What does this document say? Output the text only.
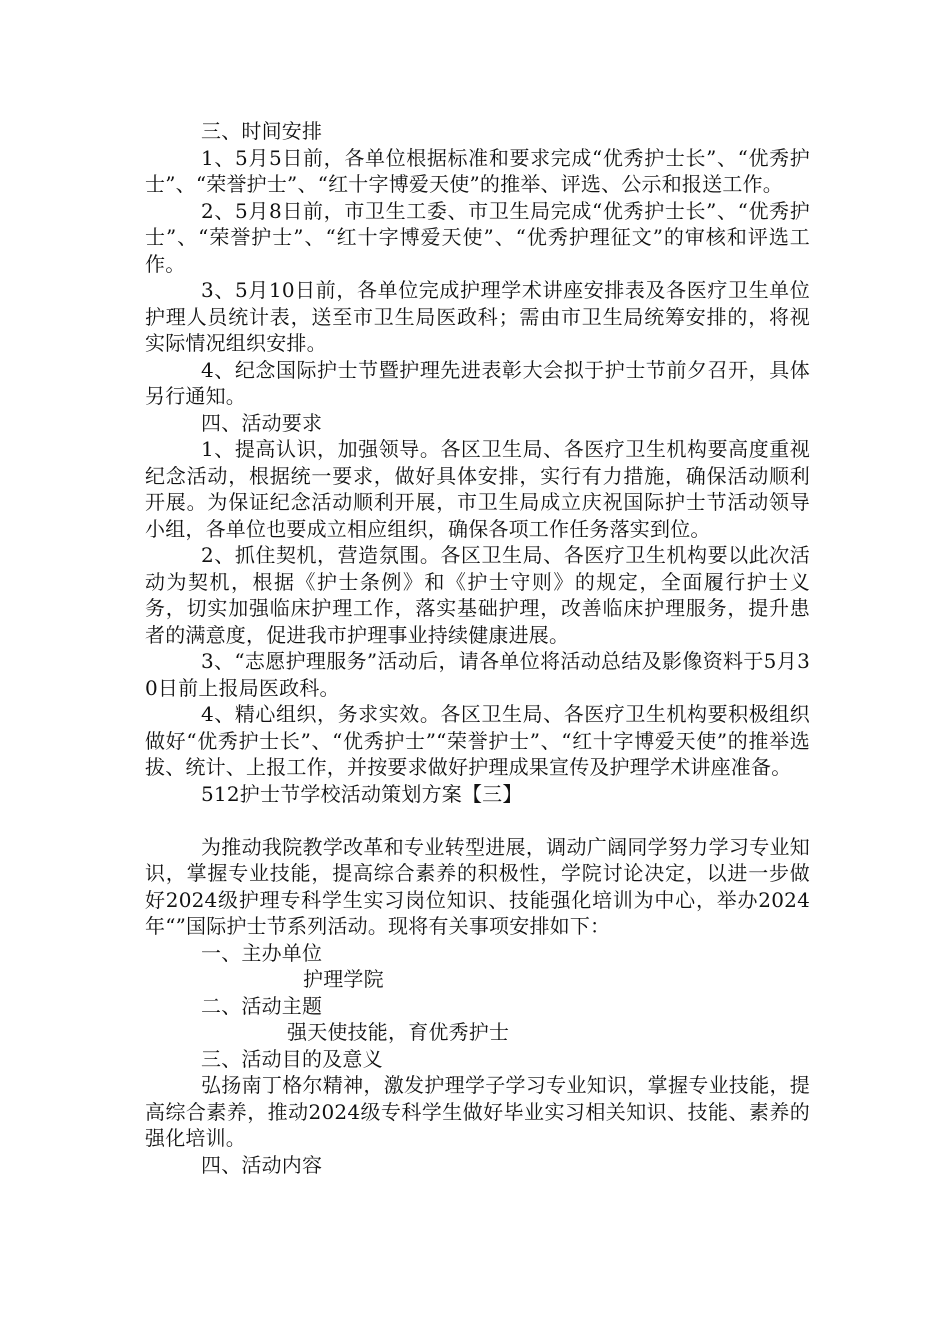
三、时间安排

1、5月5日前，各单位根据标准和要求完成“优秀护士长”、“优秀护士”、“荣誉护士”、“红十字博爱天使”的推举、评选、公示和报送工作。

2、5月8日前，市卫生工委、市卫生局完成“优秀护士长”、“优秀护士”、“荣誉护士”、“红十字博爱天使”、“优秀护理征文”的审核和评选工作。

3、5月10日前，各单位完成护理学术讲座安排表及各医疗卫生单位护理人员统计表，送至市卫生局医政科；需由市卫生局统筹安排的，将视实际情况组织安排。

4、纪念国际护士节暨护理先进表彰大会拟于护士节前夕召开，具体另行通知。

四、活动要求

1、提高认识，加强领导。各区卫生局、各医疗卫生机构要高度重视纪念活动，根据统一要求，做好具体安排，实行有力措施，确保活动顺利开展。为保证纪念活动顺利开展，市卫生局成立庆祝国际护士节活动领导小组，各单位也要成立相应组织，确保各项工作任务落实到位。

2、抓住契机，营造氛围。各区卫生局、各医疗卫生机构要以此次活动为契机，根据《护士条例》和《护士守则》的规定，全面履行护士义务，切实加强临床护理工作，落实基础护理，改善临床护理服务，提升患者的满意度，促进我市护理事业持续健康进展。

3、“志愿护理服务”活动后，请各单位将活动总结及影像资料于5月30日前上报局医政科。

4、精心组织，务求实效。各区卫生局、各医疗卫生机构要积极组织做好“优秀护士长”、“优秀护士”“荣誉护士”、“红十字博爱天使”的推举选拔、统计、上报工作，并按要求做好护理成果宣传及护理学术讲座准备。

512护士节学校活动策划方案【三】

为推动我院教学改革和专业转型进展，调动广阔同学努力学习专业知识，掌握专业技能，提高综合素养的积极性，学院讨论决定，以进一步做好2024级护理专科学生实习岗位知识、技能强化培训为中心，举办2024年“”国际护士节系列活动。现将有关事项安排如下：

一、主办单位

护理学院

二、活动主题

强天使技能，育优秀护士

三、活动目的及意义

弘扬南丁格尔精神，激发护理学子学习专业知识，掌握专业技能，提高综合素养，推动2024级专科学生做好毕业实习相关知识、技能、素养的强化培训。

四、活动内容
